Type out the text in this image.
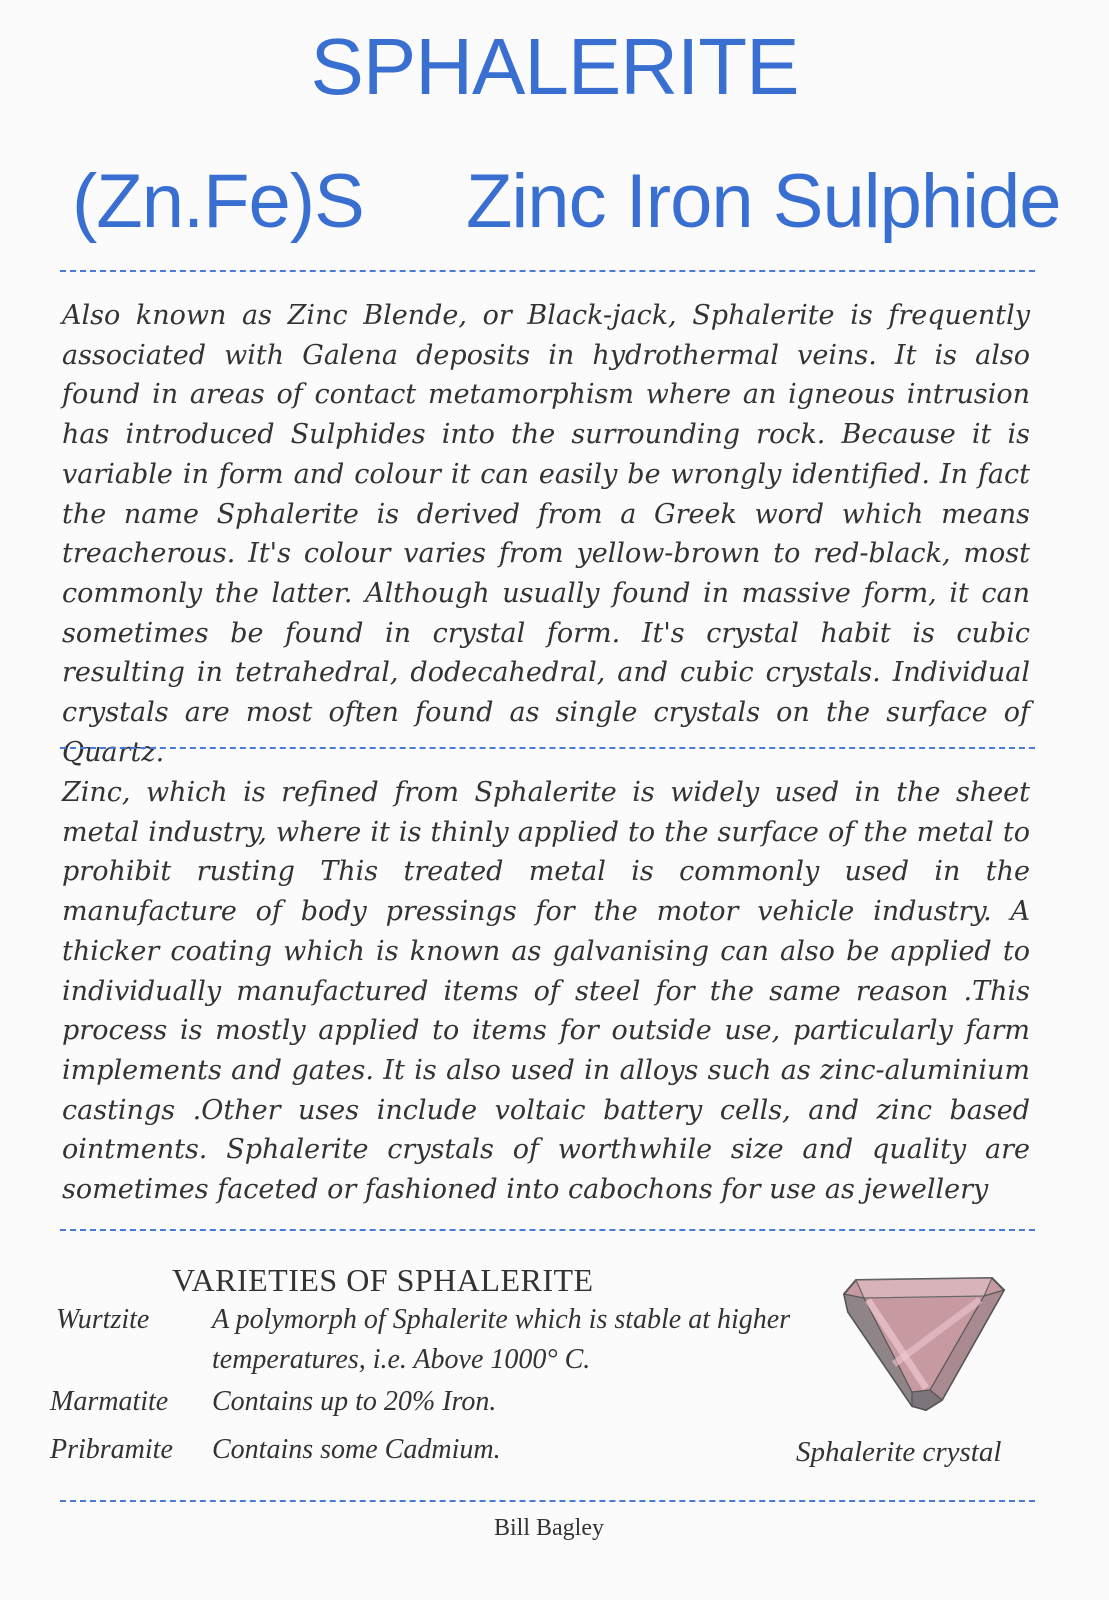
SPHALERITE
(Zn.Fe)S Zinc Iron Sulphide

Also known as Zinc Blende, or Black-jack, Sphalerite is frequently associated with Galena deposits in hydrothermal veins. It is also found in areas of contact metamorphism where an igneous intrusion has introduced Sulphides into the surrounding rock. Because it is variable in form and colour it can easily be wrongly identified. In fact the name Sphalerite is derived from a Greek word which means treacherous. It's colour varies from yellow-brown to red-black, most commonly the latter. Although usually found in massive form, it can sometimes be found in crystal form. It's crystal habit is cubic resulting in tetrahedral, dodecahedral, and cubic crystals. Individual crystals are most often found as single crystals on the surface of Quartz.

Zinc, which is refined from Sphalerite is widely used in the sheet metal industry, where it is thinly applied to the surface of the metal to prohibit rusting This treated metal is commonly used in the manufacture of body pressings for the motor vehicle industry. A thicker coating which is known as galvanising can also be applied to individually manufactured items of steel for the same reason .This process is mostly applied to items for outside use, particularly farm implements and gates. It is also used in alloys such as zinc-aluminium castings .Other uses include voltaic battery cells, and zinc based ointments. Sphalerite crystals of worthwhile size and quality are sometimes faceted or fashioned into cabochons for use as jewellery

VARIETIES OF SPHALERITE
Wurtzite A polymorph of Sphalerite which is stable at higher temperatures, i.e. Above 1000° C.

Marmatite Contains up to 20% Iron.

Pribramite Contains some Cadmium.	Sphalerite crystal
Bill Bagley
